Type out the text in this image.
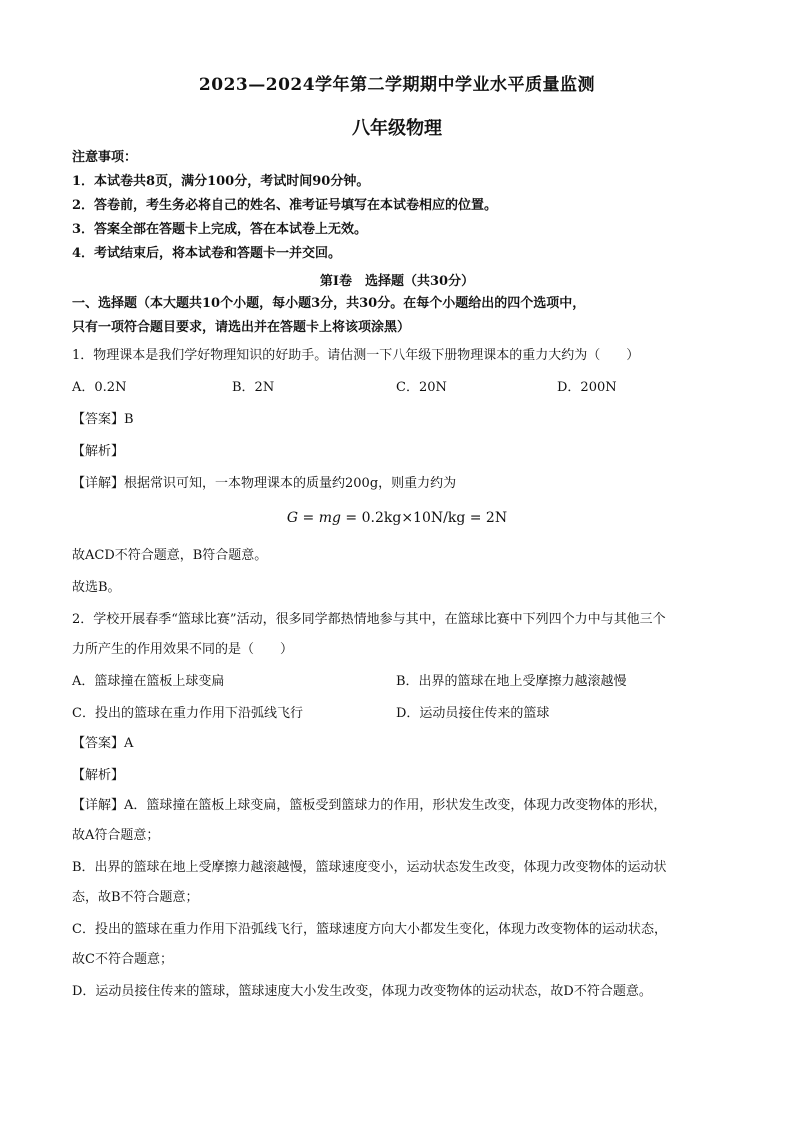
2023—2024学年第二学期期中学业水平质量监测
八年级物理
注意事项：
1．本试卷共8页，满分100分，考试时间90分钟。
2．答卷前，考生务必将自己的姓名、准考证号填写在本试卷相应的位置。
3．答案全部在答题卡上完成，答在本试卷上无效。
4．考试结束后，将本试卷和答题卡一并交回。
第Ⅰ卷　选择题（共30分）
一、选择题（本大题共10个小题，每小题3分，共30分。在每个小题给出的四个选项中，
只有一项符合题目要求，请选出并在答题卡上将该项涂黑）
1．物理课本是我们学好物理知识的好助手。请估测一下八年级下册物理课本的重力大约为（　　）
A．0.2N	B．2N	C．20N	D．200N
【答案】B
【解析】
【详解】根据常识可知，一本物理课本的质量约200g，则重力约为
G = mg = 0.2kg×10N/kg = 2N
故ACD不符合题意，B符合题意。
故选B。
2．学校开展春季“篮球比赛”活动，很多同学都热情地参与其中，在篮球比赛中下列四个力中与其他三个
力所产生的作用效果不同的是（　　）
A．篮球撞在篮板上球变扁	B．出界的篮球在地上受摩擦力越滚越慢
C．投出的篮球在重力作用下沿弧线飞行	D．运动员接住传来的篮球
【答案】A
【解析】
【详解】A．篮球撞在篮板上球变扁，篮板受到篮球力的作用，形状发生改变，体现力改变物体的形状，
故A符合题意；
B．出界的篮球在地上受摩擦力越滚越慢，篮球速度变小，运动状态发生改变，体现力改变物体的运动状
态，故B不符合题意；
C．投出的篮球在重力作用下沿弧线飞行，篮球速度方向大小都发生变化，体现力改变物体的运动状态，
故C不符合题意；
D．运动员接住传来的篮球，篮球速度大小发生改变，体现力改变物体的运动状态，故D不符合题意。
